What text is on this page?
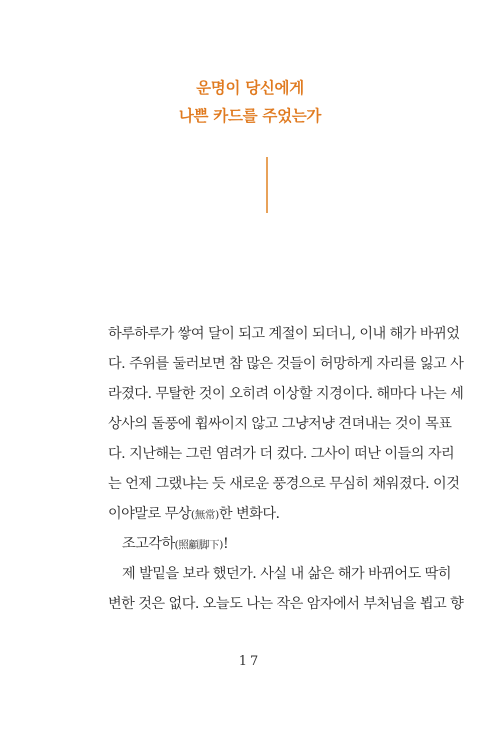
운명이 당신에게
나쁜 카드를 주었는가
하루하루가 쌓여 달이 되고 계절이 되더니, 이내 해가 바뀌었
다. 주위를 둘러보면 참 많은 것들이 허망하게 자리를 잃고 사
라졌다. 무탈한 것이 오히려 이상할 지경이다. 해마다 나는 세
상사의 돌풍에 휩싸이지 않고 그냥저냥 견뎌내는 것이 목표
다. 지난해는 그런 염려가 더 컸다. 그사이 떠난 이들의 자리
는 언제 그랬냐는 듯 새로운 풍경으로 무심히 채워졌다. 이것
이야말로 무상(無常)한 변화다.
조고각하(照顧脚下)!
제 발밑을 보라 했던가. 사실 내 삶은 해가 바뀌어도 딱히
변한 것은 없다. 오늘도 나는 작은 암자에서 부처님을 뵙고 향
17
